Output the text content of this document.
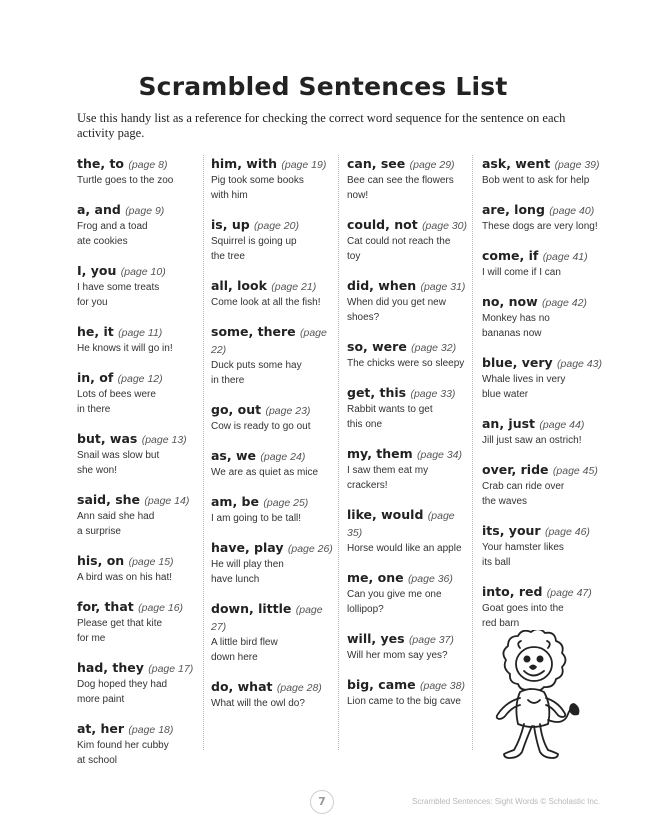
Scrambled Sentences List

Use this handy list as a reference for checking the correct word sequence for the sentence on each activity page.

the, to (page 8)
Turtle goes to the zoo
a, and (page 9)
Frog and a toad
ate cookies
I, you (page 10)
I have some treats
for you
he, it (page 11)
He knows it will go in!
in, of (page 12)
Lots of bees were
in there
but, was (page 13)
Snail was slow but
she won!
said, she (page 14)
Ann said she had
a surprise
his, on (page 15)
A bird was on his hat!
for, that (page 16)
Please get that kite
for me
had, they (page 17)
Dog hoped they had
more paint
at, her (page 18)
Kim found her cubby
at school
him, with (page 19)
Pig took some books
with him
is, up (page 20)
Squirrel is going up
the tree
all, look (page 21)
Come look at all the fish!
some, there (page 22)
Duck puts some hay
in there
go, out (page 23)
Cow is ready to go out
as, we (page 24)
We are as quiet as mice
am, be (page 25)
I am going to be tall!
have, play (page 26)
He will play then
have lunch
down, little (page 27)
A little bird flew
down here
do, what (page 28)
What will the owl do?
can, see (page 29)
Bee can see the flowers
now!
could, not (page 30)
Cat could not reach the
toy
did, when (page 31)
When did you get new
shoes?
so, were (page 32)
The chicks were so sleepy
get, this (page 33)
Rabbit wants to get
this one
my, them (page 34)
I saw them eat my
crackers!
like, would (page 35)
Horse would like an apple
me, one (page 36)
Can you give me one
lollipop?
will, yes (page 37)
Will her mom say yes?
big, came (page 38)
Lion came to the big cave
ask, went (page 39)
Bob went to ask for help
are, long (page 40)
These dogs are very long!
come, if (page 41)
I will come if I can
no, now (page 42)
Monkey has no
bananas now
blue, very (page 43)
Whale lives in very
blue water
an, just (page 44)
Jill just saw an ostrich!
over, ride (page 45)
Crab can ride over
the waves
its, your (page 46)
Your hamster likes
its ball
into, red (page 47)
Goat goes into the
red barn
7	Scrambled Sentences: Sight Words © Scholastic Inc.
